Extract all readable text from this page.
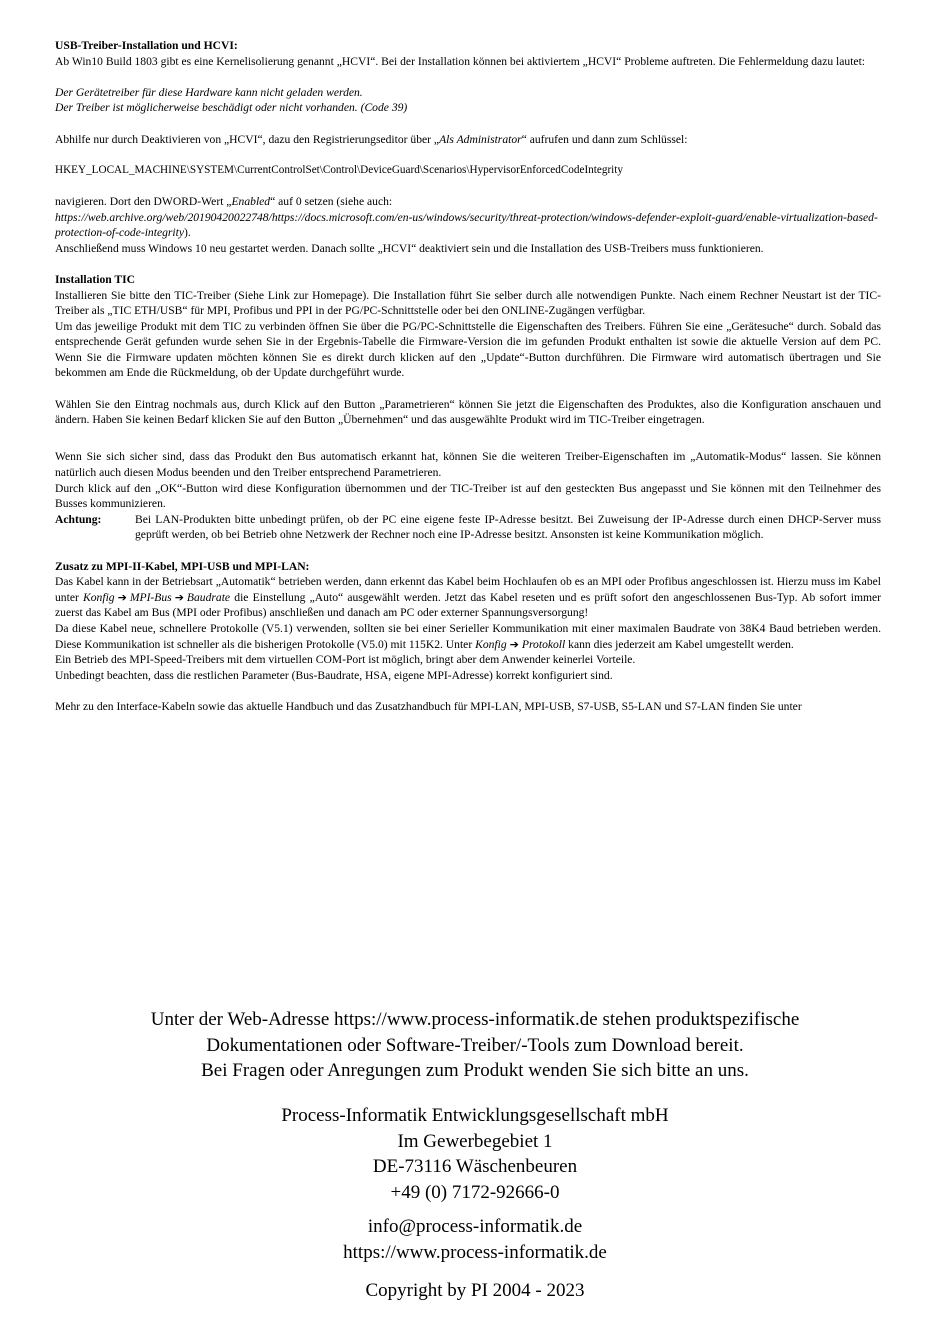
USB-Treiber-Installation und HCVI:

Ab Win10 Build 1803 gibt es eine Kernelisolierung genannt „HCVI“. Bei der Installation können bei aktiviertem „HCVI“ Probleme auftreten. Die Fehlermeldung dazu lautet:

Der Gerätetreiber für diese Hardware kann nicht geladen werden.

Der Treiber ist möglicherweise beschädigt oder nicht vorhanden. (Code 39)

Abhilfe nur durch Deaktivieren von „HCVI“, dazu den Registrierungseditor über „Als Administrator“ aufrufen und dann zum Schlüssel:

HKEY_LOCAL_MACHINE\SYSTEM\CurrentControlSet\Control\DeviceGuard\Scenarios\HypervisorEnforcedCodeIntegrity

navigieren. Dort den DWORD-Wert „Enabled“ auf 0 setzen (siehe auch:
https://web.archive.org/web/20190420022748/https://docs.microsoft.com/en-us/windows/security/threat-protection/windows-defender-exploit-guard/enable-virtualization-based-protection-of-code-integrity).

Anschließend muss Windows 10 neu gestartet werden. Danach sollte „HCVI“ deaktiviert sein und die Installation des USB-Treibers muss funktionieren.

Installation TIC

Installieren Sie bitte den TIC-Treiber (Siehe Link zur Homepage). Die Installation führt Sie selber durch alle notwendigen Punkte. Nach einem Rechner Neustart ist der TIC-Treiber als „TIC ETH/USB“ für MPI, Profibus und PPI in der PG/PC-Schnittstelle oder bei den ONLINE-Zugängen verfügbar.

Um das jeweilige Produkt mit dem TIC zu verbinden öffnen Sie über die PG/PC-Schnittstelle die Eigenschaften des Treibers. Führen Sie eine „Gerätesuche“ durch. Sobald das entsprechende Gerät gefunden wurde sehen Sie in der Ergebnis-Tabelle die Firmware-Version die im gefunden Produkt enthalten ist sowie die aktuelle Version auf dem PC. Wenn Sie die Firmware updaten möchten können Sie es direkt durch klicken auf den „Update“-Button durchführen. Die Firmware wird automatisch übertragen und Sie bekommen am Ende die Rückmeldung, ob der Update durchgeführt wurde.

Wählen Sie den Eintrag nochmals aus, durch Klick auf den Button „Parametrieren“ können Sie jetzt die Eigenschaften des Produktes, also die Konfiguration anschauen und ändern. Haben Sie keinen Bedarf klicken Sie auf den Button „Übernehmen“ und das ausgewählte Produkt wird im TIC-Treiber eingetragen.

Wenn Sie sich sicher sind, dass das Produkt den Bus automatisch erkannt hat, können Sie die weiteren Treiber-Eigenschaften im „Automatik-Modus“ lassen. Sie können natürlich auch diesen Modus beenden und den Treiber entsprechend Parametrieren.

Durch klick auf den „OK“-Button wird diese Konfiguration übernommen und der TIC-Treiber ist auf den gesteckten Bus angepasst und Sie können mit den Teilnehmer des Busses kommunizieren.

Achtung:	Bei LAN-Produkten bitte unbedingt prüfen, ob der PC eine eigene feste IP-Adresse besitzt. Bei Zuweisung der IP-Adresse durch einen DHCP-Server muss geprüft werden, ob bei Betrieb ohne Netzwerk der Rechner noch eine IP-Adresse besitzt. Ansonsten ist keine Kommunikation möglich.

Zusatz zu MPI-II-Kabel, MPI-USB und MPI-LAN:

Das Kabel kann in der Betriebsart „Automatik“ betrieben werden, dann erkennt das Kabel beim Hochlaufen ob es an MPI oder Profibus angeschlossen ist. Hierzu muss im Kabel unter Konfig ➔ MPI-Bus ➔ Baudrate die Einstellung „Auto“ ausgewählt werden. Jetzt das Kabel reseten und es prüft sofort den angeschlossenen Bus-Typ. Ab sofort immer zuerst das Kabel am Bus (MPI oder Profibus) anschließen und danach am PC oder externer Spannungsversorgung!

Da diese Kabel neue, schnellere Protokolle (V5.1) verwenden, sollten sie bei einer Serieller Kommunikation mit einer maximalen Baudrate von 38K4 Baud betrieben werden. Diese Kommunikation ist schneller als die bisherigen Protokolle (V5.0) mit 115K2. Unter Konfig ➔ Protokoll kann dies jederzeit am Kabel umgestellt werden.

Ein Betrieb des MPI-Speed-Treibers mit dem virtuellen COM-Port ist möglich, bringt aber dem Anwender keinerlei Vorteile.

Unbedingt beachten, dass die restlichen Parameter (Bus-Baudrate, HSA, eigene MPI-Adresse) korrekt konfiguriert sind.

Mehr zu den Interface-Kabeln sowie das aktuelle Handbuch und das Zusatzhandbuch für MPI-LAN, MPI-USB, S7-USB, S5-LAN und S7-LAN finden Sie unter

Unter der Web-Adresse https://www.process-informatik.de stehen produktspezifische

Dokumentationen oder Software-Treiber/-Tools zum Download bereit.

Bei Fragen oder Anregungen zum Produkt wenden Sie sich bitte an uns.

Process-Informatik Entwicklungsgesellschaft mbH

Im Gewerbegebiet 1

DE-73116 Wäschenbeuren

+49 (0) 7172-92666-0

info@process-informatik.de

https://www.process-informatik.de

Copyright by PI 2004 - 2023
